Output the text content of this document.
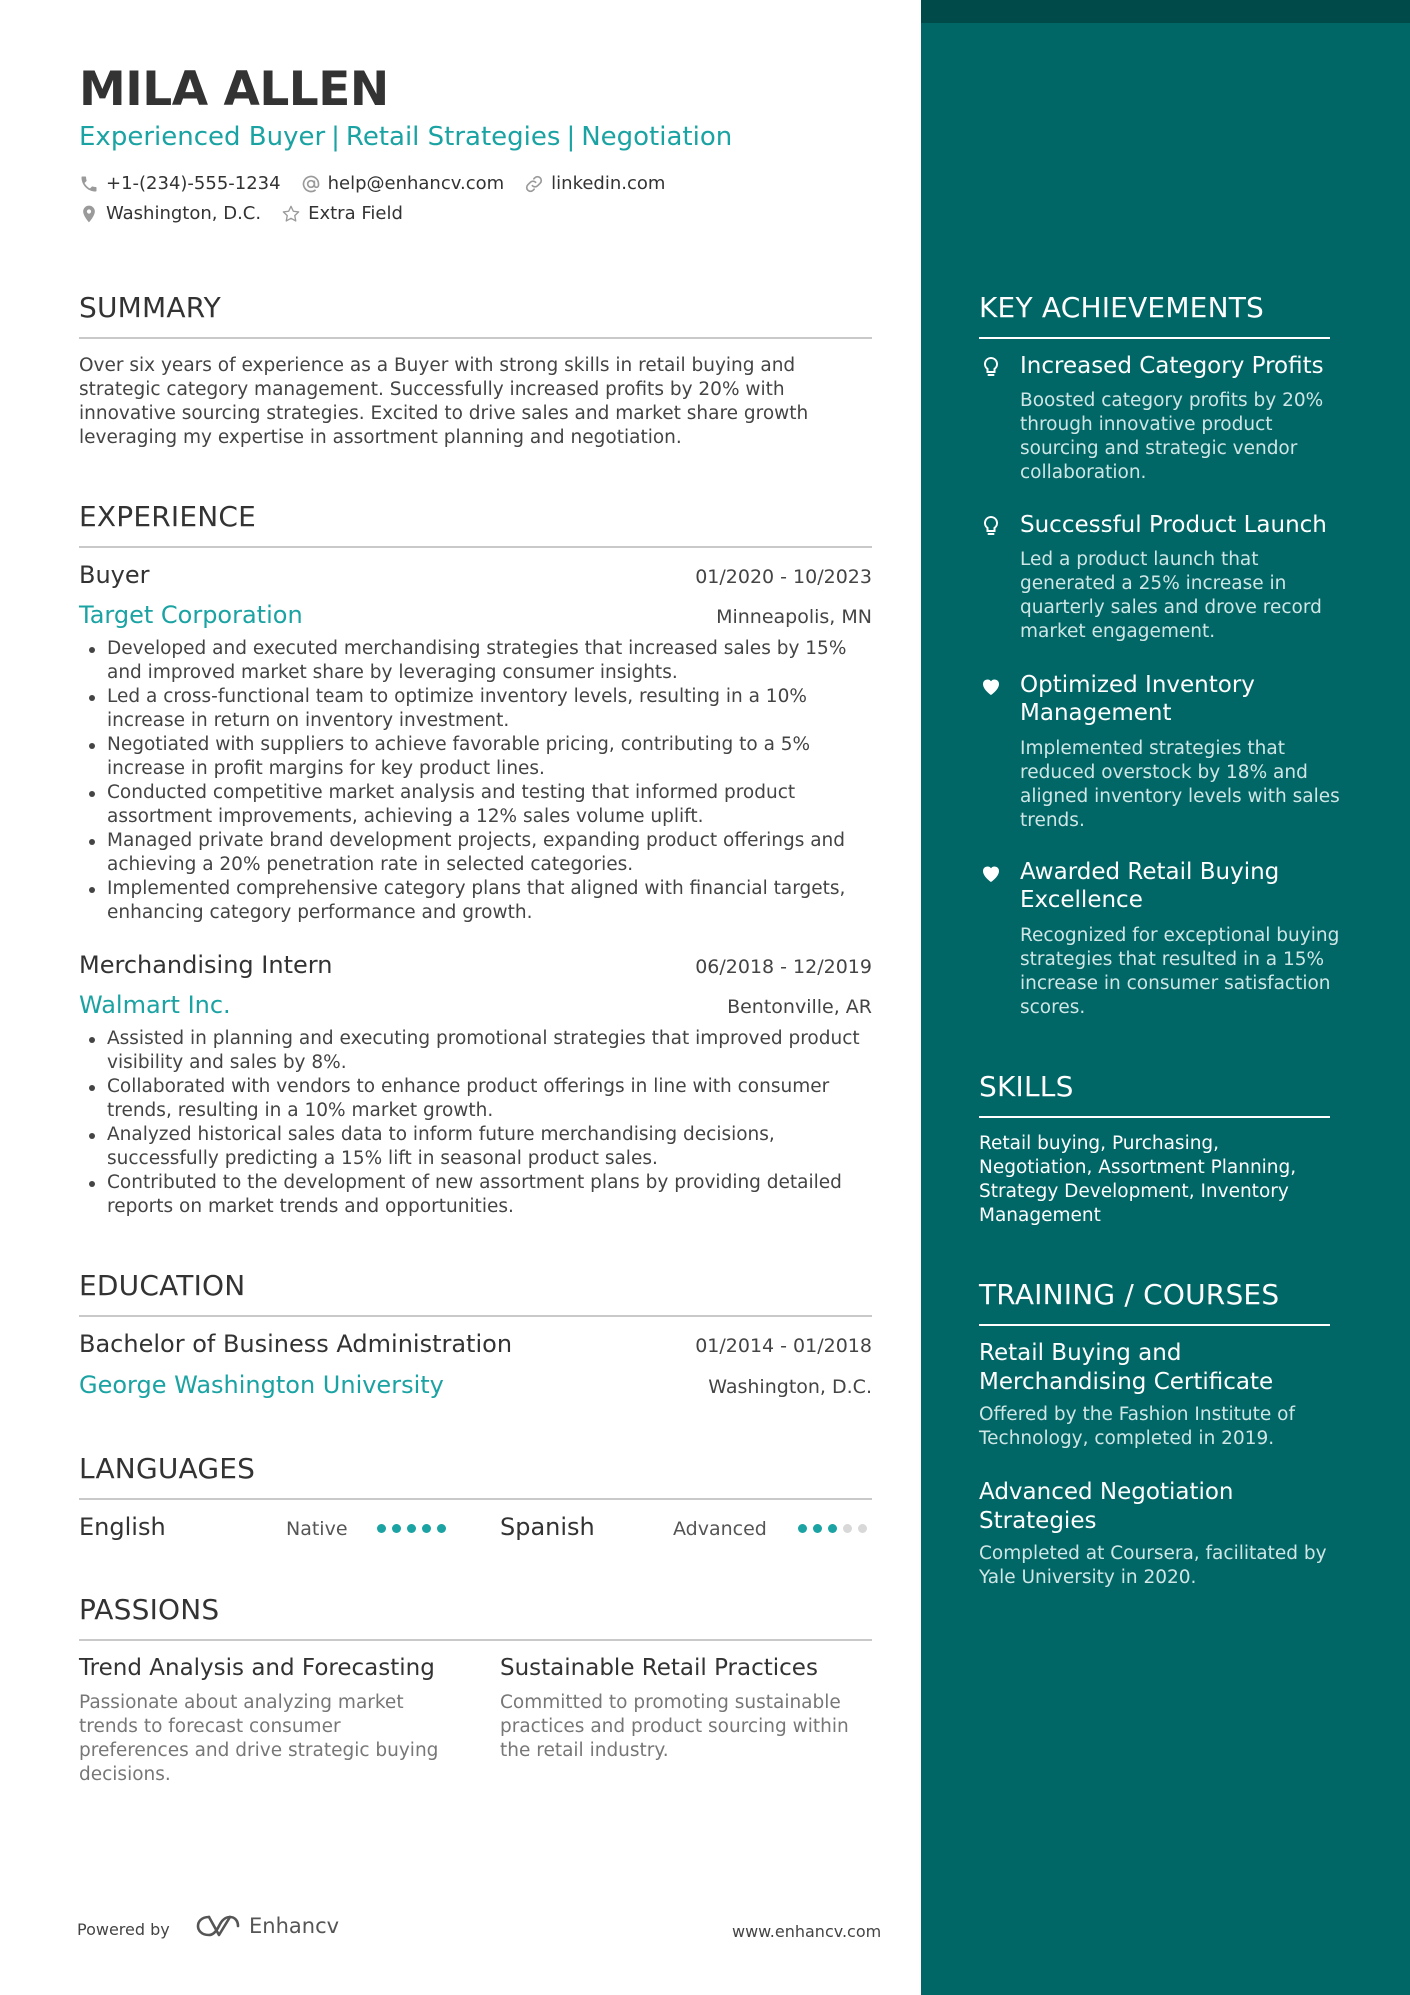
MILA ALLEN
Experienced Buyer | Retail Strategies | Negotiation
+1-(234)-555-1234	help@enhancv.com	linkedin.com
Washington, D.C.	Extra Field
SUMMARY
Over six years of experience as a Buyer with strong skills in retail buying and strategic category management. Successfully increased profits by 20% with innovative sourcing strategies. Excited to drive sales and market share growth leveraging my expertise in assortment planning and negotiation.
EXPERIENCE
Buyer	01/2020 - 10/2023
Target Corporation	Minneapolis, MN
Developed and executed merchandising strategies that increased sales by 15% and improved market share by leveraging consumer insights.
Led a cross-functional team to optimize inventory levels, resulting in a 10% increase in return on inventory investment.
Negotiated with suppliers to achieve favorable pricing, contributing to a 5% increase in profit margins for key product lines.
Conducted competitive market analysis and testing that informed product assortment improvements, achieving a 12% sales volume uplift.
Managed private brand development projects, expanding product offerings and achieving a 20% penetration rate in selected categories.
Implemented comprehensive category plans that aligned with financial targets, enhancing category performance and growth.
Merchandising Intern	06/2018 - 12/2019
Walmart Inc.	Bentonville, AR
Assisted in planning and executing promotional strategies that improved product visibility and sales by 8%.
Collaborated with vendors to enhance product offerings in line with consumer trends, resulting in a 10% market growth.
Analyzed historical sales data to inform future merchandising decisions, successfully predicting a 15% lift in seasonal product sales.
Contributed to the development of new assortment plans by providing detailed reports on market trends and opportunities.
EDUCATION
Bachelor of Business Administration	01/2014 - 01/2018
George Washington University	Washington, D.C.
LANGUAGES
English	Native	Spanish	Advanced
PASSIONS
Trend Analysis and Forecasting
Passionate about analyzing market trends to forecast consumer preferences and drive strategic buying decisions.
Sustainable Retail Practices
Committed to promoting sustainable practices and product sourcing within the retail industry.
Powered by	Enhancv	www.enhancv.com
KEY ACHIEVEMENTS
Increased Category Profits
Boosted category profits by 20% through innovative product sourcing and strategic vendor collaboration.
Successful Product Launch
Led a product launch that generated a 25% increase in quarterly sales and drove record market engagement.
Optimized Inventory Management
Implemented strategies that reduced overstock by 18% and aligned inventory levels with sales trends.
Awarded Retail Buying Excellence
Recognized for exceptional buying strategies that resulted in a 15% increase in consumer satisfaction scores.
SKILLS
Retail buying, Purchasing, Negotiation, Assortment Planning, Strategy Development, Inventory Management
TRAINING / COURSES
Retail Buying and Merchandising Certificate
Offered by the Fashion Institute of Technology, completed in 2019.
Advanced Negotiation Strategies
Completed at Coursera, facilitated by Yale University in 2020.
